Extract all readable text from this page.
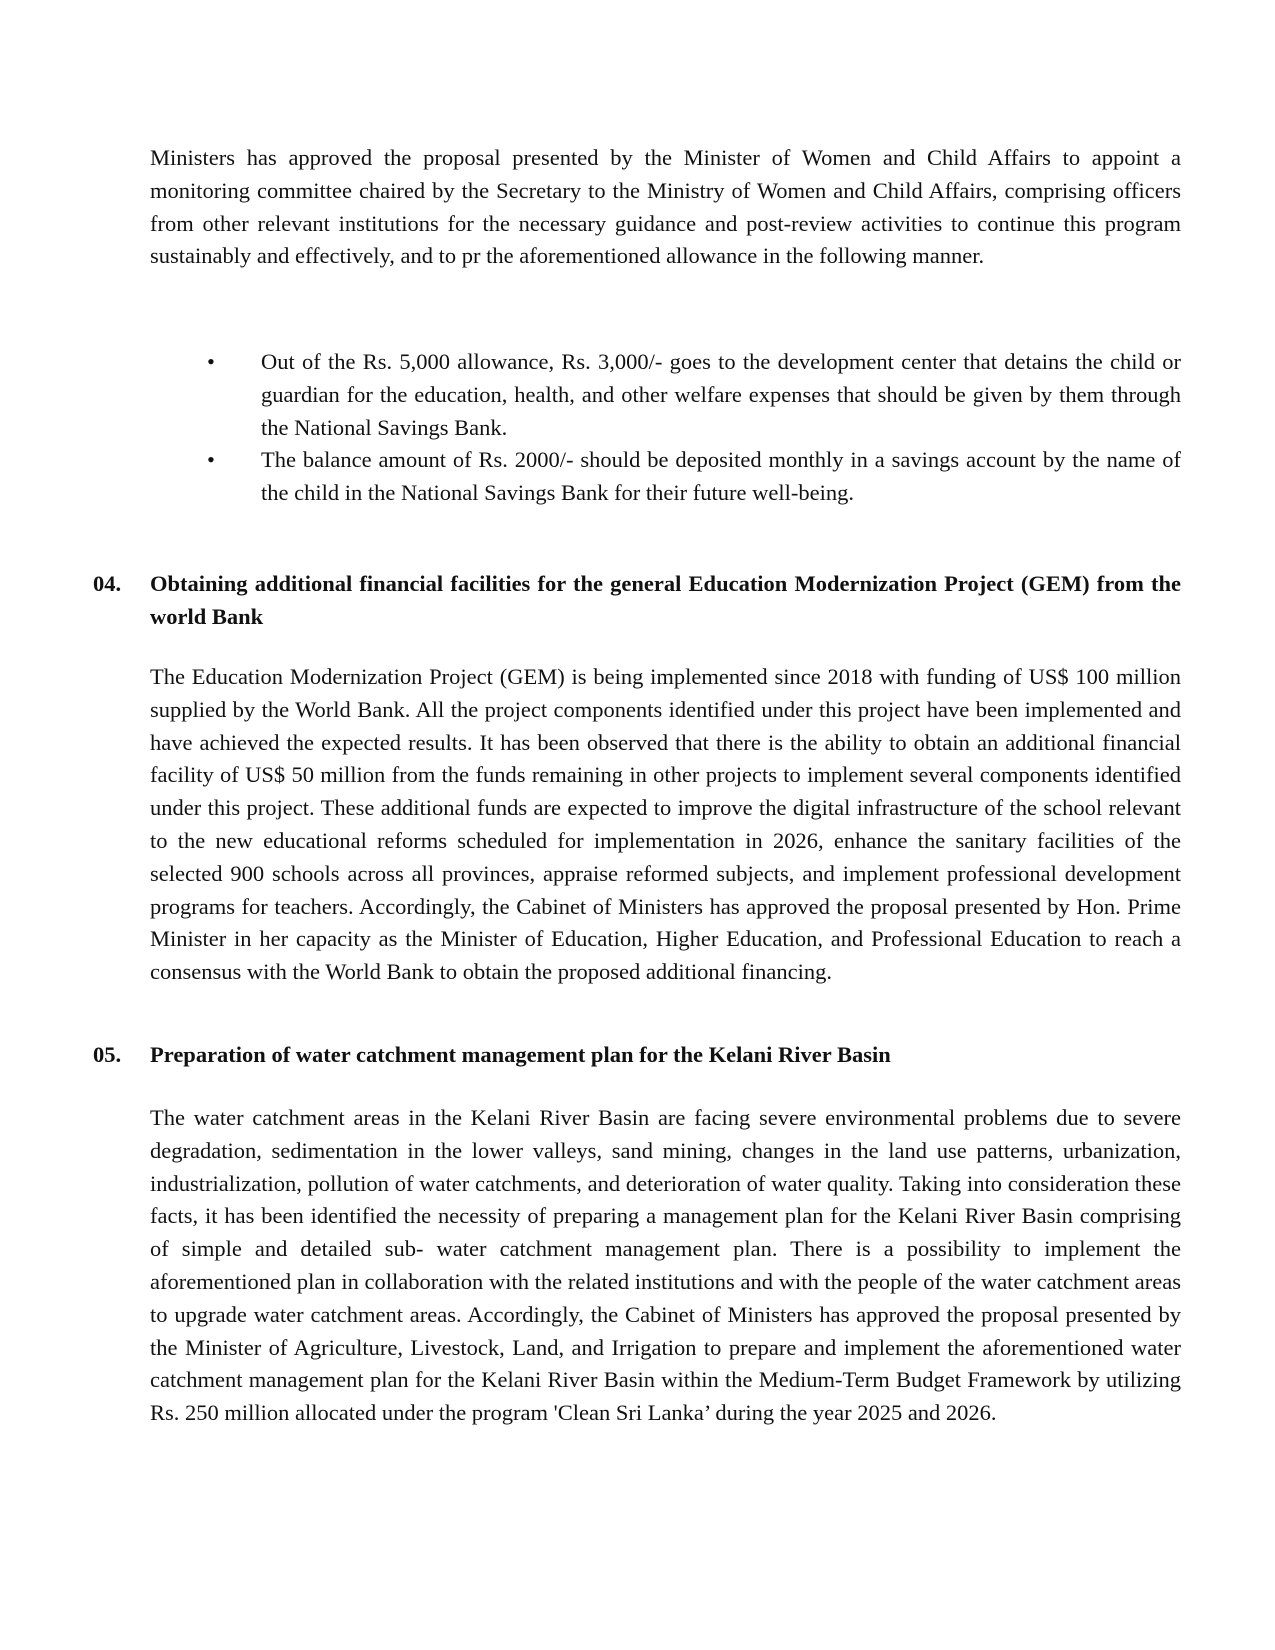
Ministers has approved the proposal presented by the Minister of Women and Child Affairs to appoint a monitoring committee chaired by the Secretary to the Ministry of Women and Child Affairs, comprising officers from other relevant institutions for the necessary guidance and post-review activities to continue this program sustainably and effectively, and to pr the aforementioned allowance in the following manner.

• Out of the Rs. 5,000 allowance, Rs. 3,000/- goes to the development center that detains the child or guardian for the education, health, and other welfare expenses that should be given by them through the National Savings Bank.
• The balance amount of Rs. 2000/- should be deposited monthly in a savings account by the name of the child in the National Savings Bank for their future well-being.
04.	Obtaining additional financial facilities for the general Education Modernization Project (GEM) from the world Bank

The Education Modernization Project (GEM) is being implemented since 2018 with funding of US$ 100 million supplied by the World Bank. All the project components identified under this project have been implemented and have achieved the expected results. It has been observed that there is the ability to obtain an additional financial facility of US$ 50 million from the funds remaining in other projects to implement several components identified under this project. These additional funds are expected to improve the digital infrastructure of the school relevant to the new educational reforms scheduled for implementation in 2026, enhance the sanitary facilities of the selected 900 schools across all provinces, appraise reformed subjects, and implement professional development programs for teachers. Accordingly, the Cabinet of Ministers has approved the proposal presented by Hon. Prime Minister in her capacity as the Minister of Education, Higher Education, and Professional Education to reach a consensus with the World Bank to obtain the proposed additional financing.

05.	Preparation of water catchment management plan for the Kelani River Basin

The water catchment areas in the Kelani River Basin are facing severe environmental problems due to severe degradation, sedimentation in the lower valleys, sand mining, changes in the land use patterns, urbanization, industrialization, pollution of water catchments, and deterioration of water quality. Taking into consideration these facts, it has been identified the necessity of preparing a management plan for the Kelani River Basin comprising of simple and detailed sub- water catchment management plan. There is a possibility to implement the aforementioned plan in collaboration with the related institutions and with the people of the water catchment areas to upgrade water catchment areas. Accordingly, the Cabinet of Ministers has approved the proposal presented by the Minister of Agriculture, Livestock, Land, and Irrigation to prepare and implement the aforementioned water catchment management plan for the Kelani River Basin within the Medium-Term Budget Framework by utilizing Rs. 250 million allocated under the program 'Clean Sri Lanka’ during the year 2025 and 2026.
